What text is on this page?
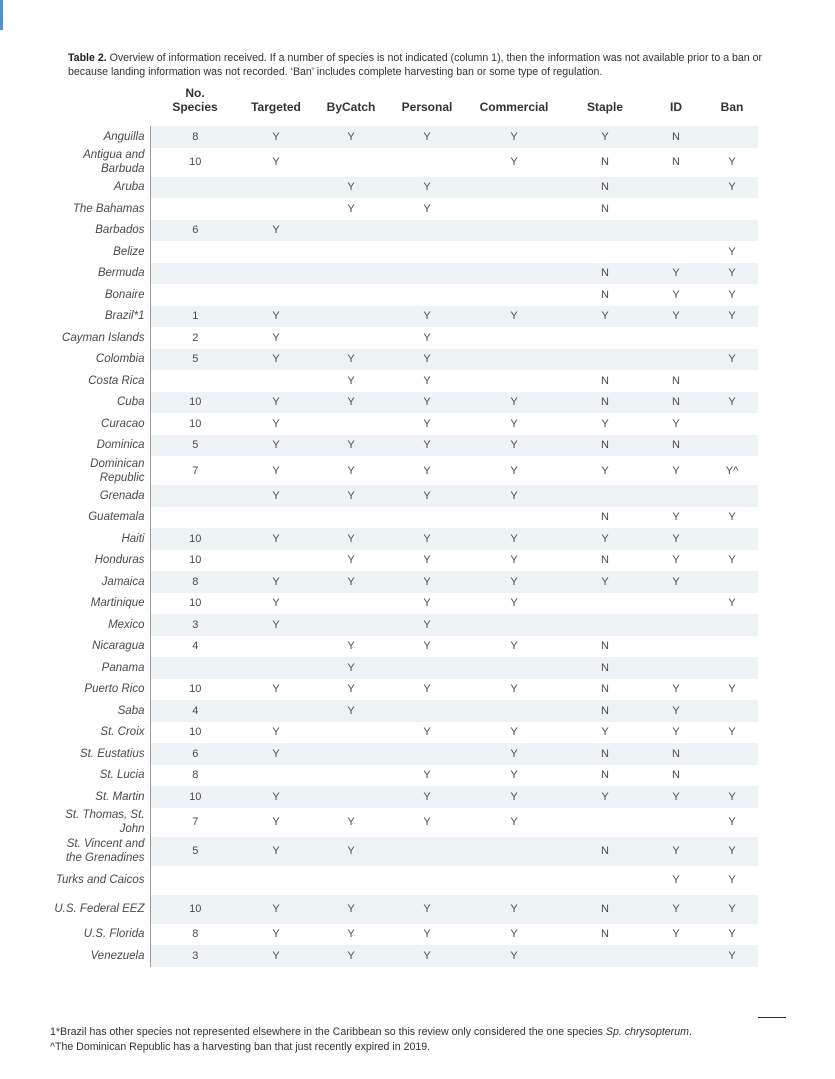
Table 2. Overview of information received. If a number of species is not indicated (column 1), then the information was not available prior to a ban or because landing information was not recorded. ‘Ban’ includes complete harvesting ban or some type of regulation.
	No.
Species	Targeted	ByCatch	Personal	Commercial	Staple	ID	Ban
Anguilla	8	Y	Y	Y	Y	Y	N	
Antigua and Barbuda	10	Y			Y	N	N	Y
Aruba			Y	Y		N		Y
The Bahamas			Y	Y		N		
Barbados	6	Y						
Belize								Y
Bermuda						N	Y	Y
Bonaire						N	Y	Y
Brazil*1	1	Y		Y	Y	Y	Y	Y
Cayman Islands	2	Y		Y				
Colombia	5	Y	Y	Y				Y
Costa Rica			Y	Y		N	N	
Cuba	10	Y	Y	Y	Y	N	N	Y
Curacao	10	Y		Y	Y	Y	Y	
Dominica	5	Y	Y	Y	Y	N	N	
Dominican Republic	7	Y	Y	Y	Y	Y	Y	Y^
Grenada		Y	Y	Y	Y			
Guatemala						N	Y	Y
Haiti	10	Y	Y	Y	Y	Y	Y	
Honduras	10		Y	Y	Y	N	Y	Y
Jamaica	8	Y	Y	Y	Y	Y	Y	
Martinique	10	Y		Y	Y			Y
Mexico	3	Y		Y				
Nicaragua	4		Y	Y	Y	N		
Panama			Y			N		
Puerto Rico	10	Y	Y	Y	Y	N	Y	Y
Saba	4		Y			N	Y	
St. Croix	10	Y		Y	Y	Y	Y	Y
St. Eustatius	6	Y			Y	N	N	
St. Lucia	8			Y	Y	N	N	
St. Martin	10	Y		Y	Y	Y	Y	Y
St. Thomas, St. John	7	Y	Y	Y	Y			Y
St. Vincent and the Grenadines	5	Y	Y			N	Y	Y
Turks and Caicos							Y	Y
U.S. Federal EEZ	10	Y	Y	Y	Y	N	Y	Y
U.S. Florida	8	Y	Y	Y	Y	N	Y	Y
Venezuela	3	Y	Y	Y	Y			Y
1*Brazil has other species not represented elsewhere in the Caribbean so this review only considered the one species Sp. chrysopterum.
^The Dominican Republic has a harvesting ban that just recently expired in 2019.
